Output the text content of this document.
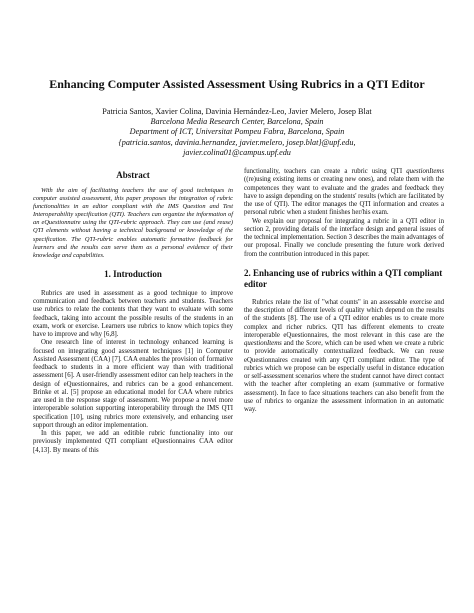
Enhancing Computer Assisted Assessment Using Rubrics in a QTI Editor
Patricia Santos, Xavier Colina, Davinia Hernández-Leo, Javier Melero, Josep Blat
Barcelona Media Research Center, Barcelona, Spain
Department of ICT, Universitat Pompeu Fabra, Barcelona, Spain
{patricia.santos, davinia.hernandez, javier.melero, josep.blat}@upf.edu,
javier.colina01@campus.upf.edu
Abstract

With the aim of facilitating teachers the use of good techniques in computer assisted assessment, this paper proposes the integration of rubric functionalities in an editor compliant with the IMS Question and Test Interoperability specification (QTI). Teachers can organize the information of an eQuestionnaire using the QTI-rubric approach. They can use (and reuse) QTI elements without having a technical background or knowledge of the specification. The QTI-rubric enables automatic formative feedback for learners and the results can serve them as a personal evidence of their knowledge and capabilities.

1. Introduction

Rubrics are used in assessment as a good technique to improve communication and feedback between teachers and students. Teachers use rubrics to relate the contents that they want to evaluate with some feedback, taking into account the possible results of the students in an exam, work or exercise. Learners use rubrics to know which topics they have to improve and why [6,8].

One research line of interest in technology enhanced learning is focused on integrating good assessment techniques [1] in Computer Assisted Assessment (CAA) [7]. CAA enables the provision of formative feedback to students in a more efficient way than with traditional assessment [6]. A user-friendly assessment editor can help teachers in the design of eQuestionnaires, and rubrics can be a good enhancement. Brinke et al. [5] propose an educational model for CAA where rubrics are used in the response stage of assessment. We propose a novel more interoperable solution supporting interoperability through the IMS QTI specification [10], using rubrics more extensively, and enhancing user support through an editor implementation.

In this paper, we add an editible rubric functionality into our previously implemented QTI compliant eQuestionnaires CAA editor [4,13]. By means of this

functionality, teachers can create a rubric using QTI questionItems ((re)using existing items or creating new ones), and relate them with the competences they want to evaluate and the grades and feedback they have to assign depending on the students' results (which are facilitated by the use of QTI). The editor manages the QTI information and creates a personal rubric when a student finishes her/his exam.

We explain our proposal for integrating a rubric in a QTI editor in section 2, providing details of the interface design and general issues of the technical implementation. Section 3 describes the main advantages of our proposal. Finally we conclude presenting the future work derived from the contribution introduced in this paper.

2. Enhancing use of rubrics within a QTI compliant editor

Rubrics relate the list of "what counts" in an assessable exercise and the description of different levels of quality which depend on the results of the students [8]. The use of a QTI editor enables us to create more complex and richer rubrics. QTI has different elements to create interoperable eQuestionnaires, the most relevant in this case are the questionItems and the Score, which can be used when we create a rubric to provide automatically contextualized feedback. We can reuse eQuestionnaires created with any QTI compliant editor. The type of rubrics which we propose can be especially useful in distance education or self-assessment scenarios where the student cannot have direct contact with the teacher after completing an exam (summative or formative assessment). In face to face situations teachers can also benefit from the use of rubrics to organize the assessment information in an automatic way.
